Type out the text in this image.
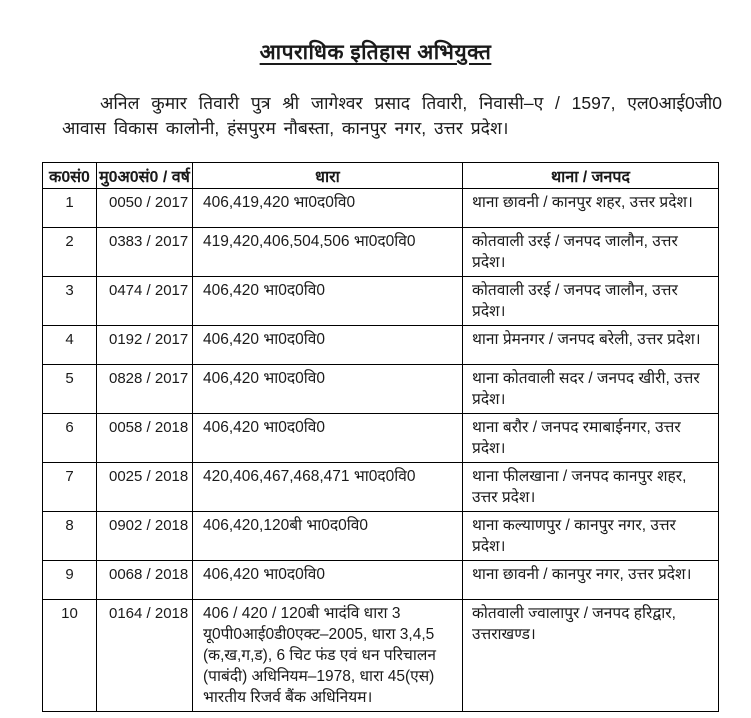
आपराधिक इतिहास अभियुक्त

अनिल कुमार तिवारी पुत्र श्री जागेश्वर प्रसाद तिवारी, निवासी–ए / 1597, एल0आई0जी0 आवास विकास कालोनी, हंसपुरम नौबस्ता, कानपुर नगर, उत्तर प्रदेश।

क0सं0	मु0अ0सं0 / वर्ष	धारा	थाना / जनपद
1	0050 / 2017	406,419,420 भा0द0वि0	थाना छावनी / कानपुर शहर, उत्तर प्रदेश।
2	0383 / 2017	419,420,406,504,506 भा0द0वि0	कोतवाली उरई / जनपद जालौन, उत्तर प्रदेश।
3	0474 / 2017	406,420 भा0द0वि0	कोतवाली उरई / जनपद जालौन, उत्तर प्रदेश।
4	0192 / 2017	406,420 भा0द0वि0	थाना प्रेमनगर / जनपद बरेली, उत्तर प्रदेश।
5	0828 / 2017	406,420 भा0द0वि0	थाना कोतवाली सदर / जनपद खीरी, उत्तर प्रदेश।
6	0058 / 2018	406,420 भा0द0वि0	थाना बरौर / जनपद रमाबाईनगर, उत्तर प्रदेश।
7	0025 / 2018	420,406,467,468,471 भा0द0वि0	थाना फीलखाना / जनपद कानपुर शहर, उत्तर प्रदेश।
8	0902 / 2018	406,420,120बी भा0द0वि0	थाना कल्याणपुर / कानपुर नगर, उत्तर प्रदेश।
9	0068 / 2018	406,420 भा0द0वि0	थाना छावनी / कानपुर नगर, उत्तर प्रदेश।
10	0164 / 2018	406 / 420 / 120बी भादंवि धारा 3 यू0पी0आई0डी0एक्ट–2005, धारा 3,4,5 (क,ख,ग,ड), 6 चिट फंड एवं धन परिचालन (पाबंदी) अधिनियम–1978, धारा 45(एस) भारतीय रिजर्व बैंक अधिनियम।	कोतवाली ज्वालापुर / जनपद हरिद्वार, उत्तराखण्ड।
